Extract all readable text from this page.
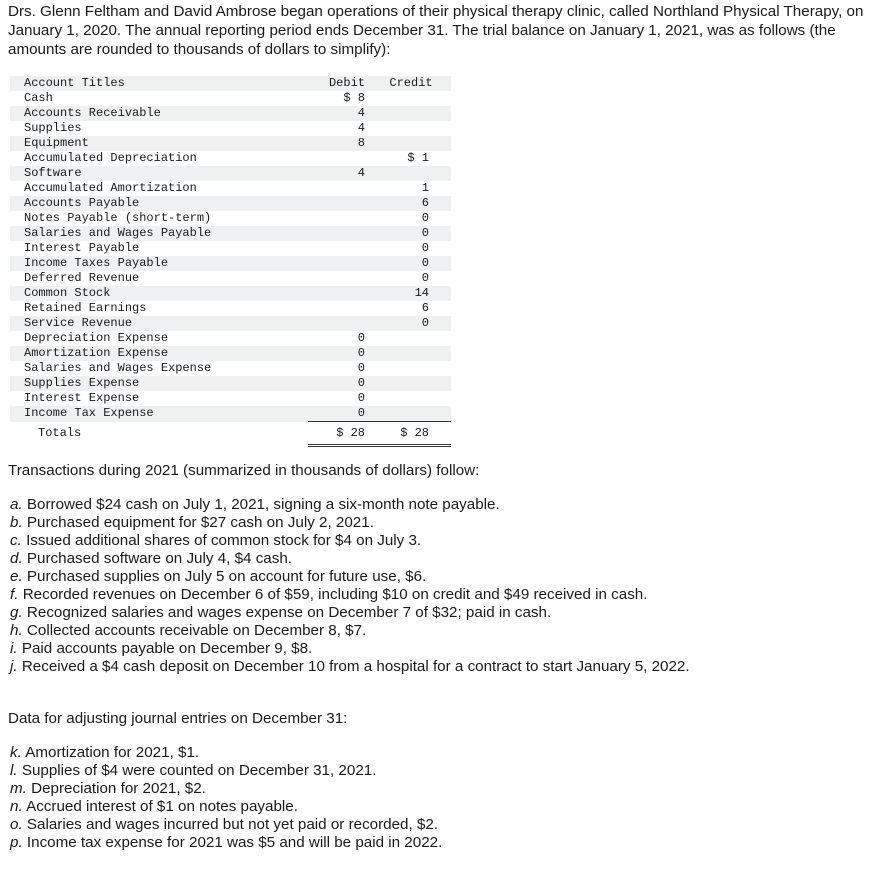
Drs. Glenn Feltham and David Ambrose began operations of their physical therapy clinic, called Northland Physical Therapy, on January 1, 2020. The annual reporting period ends December 31. The trial balance on January 1, 2021, was as follows (the amounts are rounded to thousands of dollars to simplify):

Account Titles	Debit	Credit
Cash	$ 8	
Accounts Receivable	4	
Supplies	4	
Equipment	8	
Accumulated Depreciation		$ 1
Software	4	
Accumulated Amortization		1
Accounts Payable		6
Notes Payable (short-term)		0
Salaries and Wages Payable		0
Interest Payable		0
Income Taxes Payable		0
Deferred Revenue		0
Common Stock		14
Retained Earnings		6
Service Revenue		0
Depreciation Expense	0	
Amortization Expense	0	
Salaries and Wages Expense	0	
Supplies Expense	0	
Interest Expense	0	
Income Tax Expense	0	
Totals	$ 28	$ 28

Transactions during 2021 (summarized in thousands of dollars) follow:

a. Borrowed $24 cash on July 1, 2021, signing a six-month note payable.
b. Purchased equipment for $27 cash on July 2, 2021.
c. Issued additional shares of common stock for $4 on July 3.
d. Purchased software on July 4, $4 cash.
e. Purchased supplies on July 5 on account for future use, $6.
f. Recorded revenues on December 6 of $59, including $10 on credit and $49 received in cash.
g. Recognized salaries and wages expense on December 7 of $32; paid in cash.
h. Collected accounts receivable on December 8, $7.
i. Paid accounts payable on December 9, $8.
j. Received a $4 cash deposit on December 10 from a hospital for a contract to start January 5, 2022.

Data for adjusting journal entries on December 31:

k. Amortization for 2021, $1.
l. Supplies of $4 were counted on December 31, 2021.
m. Depreciation for 2021, $2.
n. Accrued interest of $1 on notes payable.
o. Salaries and wages incurred but not yet paid or recorded, $2.
p. Income tax expense for 2021 was $5 and will be paid in 2022.
